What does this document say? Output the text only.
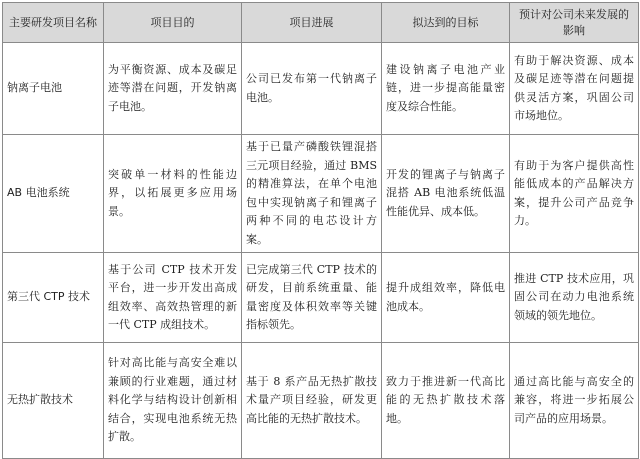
主要研发项目名称	项目目的	项目进展	拟达到的目标	预计对公司未来发展的影响
钠离子电池	为平衡资源、成本及碳足迹等潜在问题，开发钠离子电池。	公司已发布第一代钠离子电池。	建设钠离子电池产业链，进一步提高能量密度及综合性能。	有助于解决资源、成本及碳足迹等潜在问题提供灵活方案，巩固公司市场地位。
AB 电池系统	突破单一材料的性能边界，以拓展更多应用场景。	基于已量产磷酸铁锂混搭三元项目经验，通过 BMS 的精准算法，在单个电池包中实现钠离子和锂离子两种不同的电芯设计方案。	开发的锂离子与钠离子混搭 AB 电池系统低温性能优异、成本低。	有助于为客户提供高性能低成本的产品解决方案，提升公司产品竞争力。
第三代 CTP 技术	基于公司 CTP 技术开发平台，进一步开发出高成组效率、高效热管理的新一代 CTP 成组技术。	已完成第三代 CTP 技术的研发，目前系统重量、能量密度及体积效率等关键指标领先。	提升成组效率，降低电池成本。	推进 CTP 技术应用，巩固公司在动力电池系统领域的领先地位。
无热扩散技术	针对高比能与高安全难以兼顾的行业难题，通过材料化学与结构设计创新相结合，实现电池系统无热扩散。	基于 8 系产品无热扩散技术量产项目经验，研发更高比能的无热扩散技术。	致力于推进新一代高比能的无热扩散技术落地。	通过高比能与高安全的兼容，将进一步拓展公司产品的应用场景。
